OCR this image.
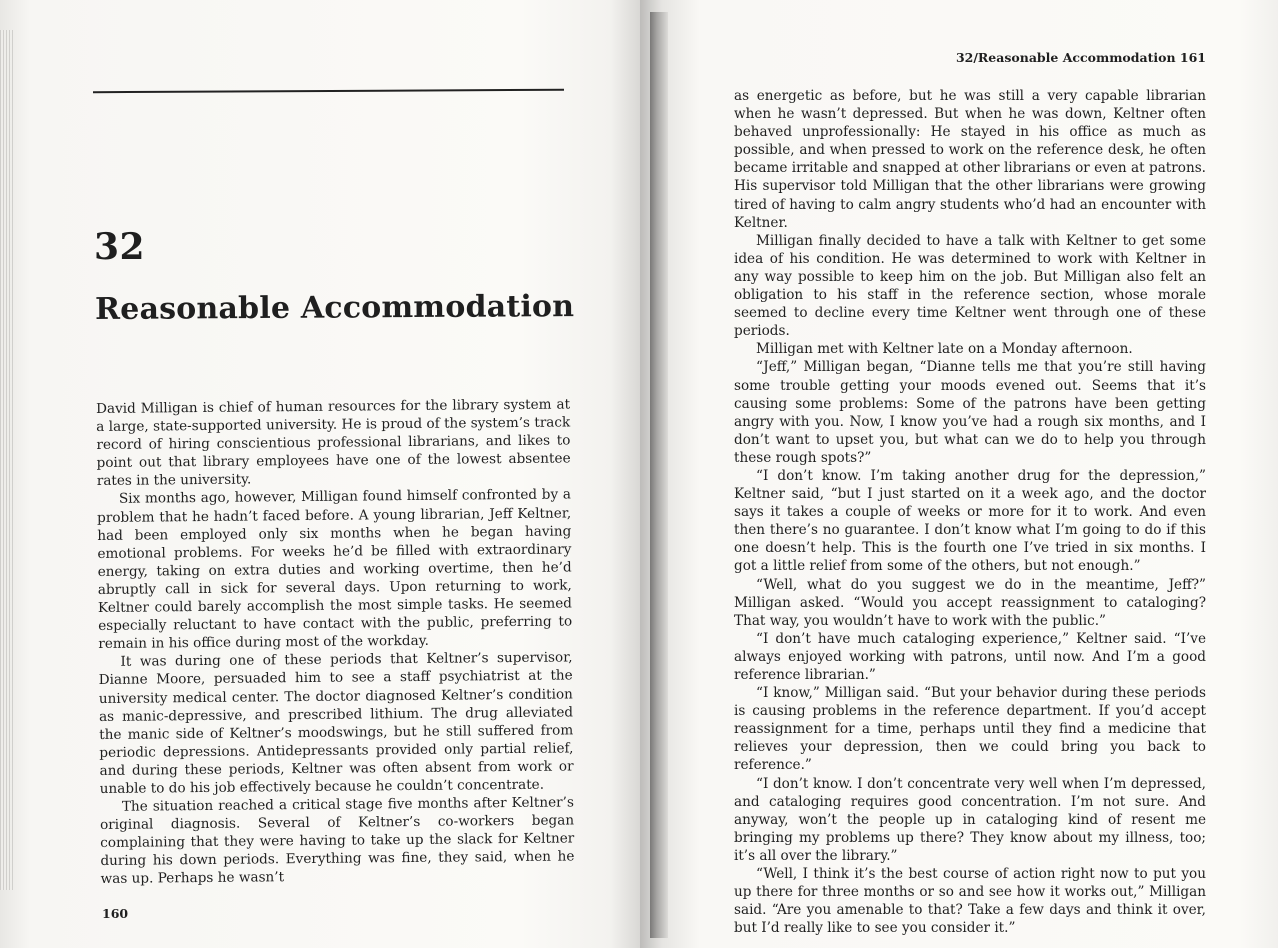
32
Reasonable Accommodation

David Milligan is chief of human resources for the library system at a large, state-supported university. He is proud of the system’s track record of hiring conscientious professional librarians, and likes to point out that library employees have one of the lowest absentee rates in the university.

Six months ago, however, Milligan found himself confronted by a problem that he hadn’t faced before. A young librarian, Jeff Keltner, had been employed only six months when he began having emotional problems. For weeks he’d be filled with extraordinary energy, taking on extra duties and working overtime, then he’d abruptly call in sick for several days. Upon returning to work, Keltner could barely accomplish the most simple tasks. He seemed especially reluctant to have contact with the public, preferring to remain in his office during most of the workday.

It was during one of these periods that Keltner’s supervisor, Dianne Moore, persuaded him to see a staff psychiatrist at the university medical center. The doctor diagnosed Keltner’s condition as manic-depressive, and prescribed lithium. The drug alleviated the manic side of Keltner’s moodswings, but he still suffered from periodic depressions. Antidepressants provided only partial relief, and during these periods, Keltner was often absent from work or unable to do his job effectively because he couldn’t concentrate.

The situation reached a critical stage five months after Keltner’s original diagnosis. Several of Keltner’s co-workers began complaining that they were having to take up the slack for Keltner during his down periods. Everything was fine, they said, when he was up. Perhaps he wasn’t

160
32/Reasonable Accommodation 161

as energetic as before, but he was still a very capable librarian when he wasn’t depressed. But when he was down, Keltner often behaved unprofessionally: He stayed in his office as much as possible, and when pressed to work on the reference desk, he often became irritable and snapped at other librarians or even at patrons. His supervisor told Milligan that the other librarians were growing tired of having to calm angry students who’d had an encounter with Keltner.

Milligan finally decided to have a talk with Keltner to get some idea of his condition. He was determined to work with Keltner in any way possible to keep him on the job. But Milligan also felt an obligation to his staff in the reference section, whose morale seemed to decline every time Keltner went through one of these periods.

Milligan met with Keltner late on a Monday afternoon.

“Jeff,” Milligan began, “Dianne tells me that you’re still having some trouble getting your moods evened out. Seems that it’s causing some problems: Some of the patrons have been getting angry with you. Now, I know you’ve had a rough six months, and I don’t want to upset you, but what can we do to help you through these rough spots?”

“I don’t know. I’m taking another drug for the depression,” Keltner said, “but I just started on it a week ago, and the doctor says it takes a couple of weeks or more for it to work. And even then there’s no guarantee. I don’t know what I’m going to do if this one doesn’t help. This is the fourth one I’ve tried in six months. I got a little relief from some of the others, but not enough.”

“Well, what do you suggest we do in the meantime, Jeff?” Milligan asked. “Would you accept reassignment to cataloging? That way, you wouldn’t have to work with the public.”

“I don’t have much cataloging experience,” Keltner said. “I’ve always enjoyed working with patrons, until now. And I’m a good reference librarian.”

“I know,” Milligan said. “But your behavior during these periods is causing problems in the reference department. If you’d accept reassignment for a time, perhaps until they find a medicine that relieves your depression, then we could bring you back to reference.”

“I don’t know. I don’t concentrate very well when I’m depressed, and cataloging requires good concentration. I’m not sure. And anyway, won’t the people up in cataloging kind of resent me bringing my problems up there? They know about my illness, too; it’s all over the library.”

“Well, I think it’s the best course of action right now to put you up there for three months or so and see how it works out,” Milligan said. “Are you amenable to that? Take a few days and think it over, but I’d really like to see you consider it.”
